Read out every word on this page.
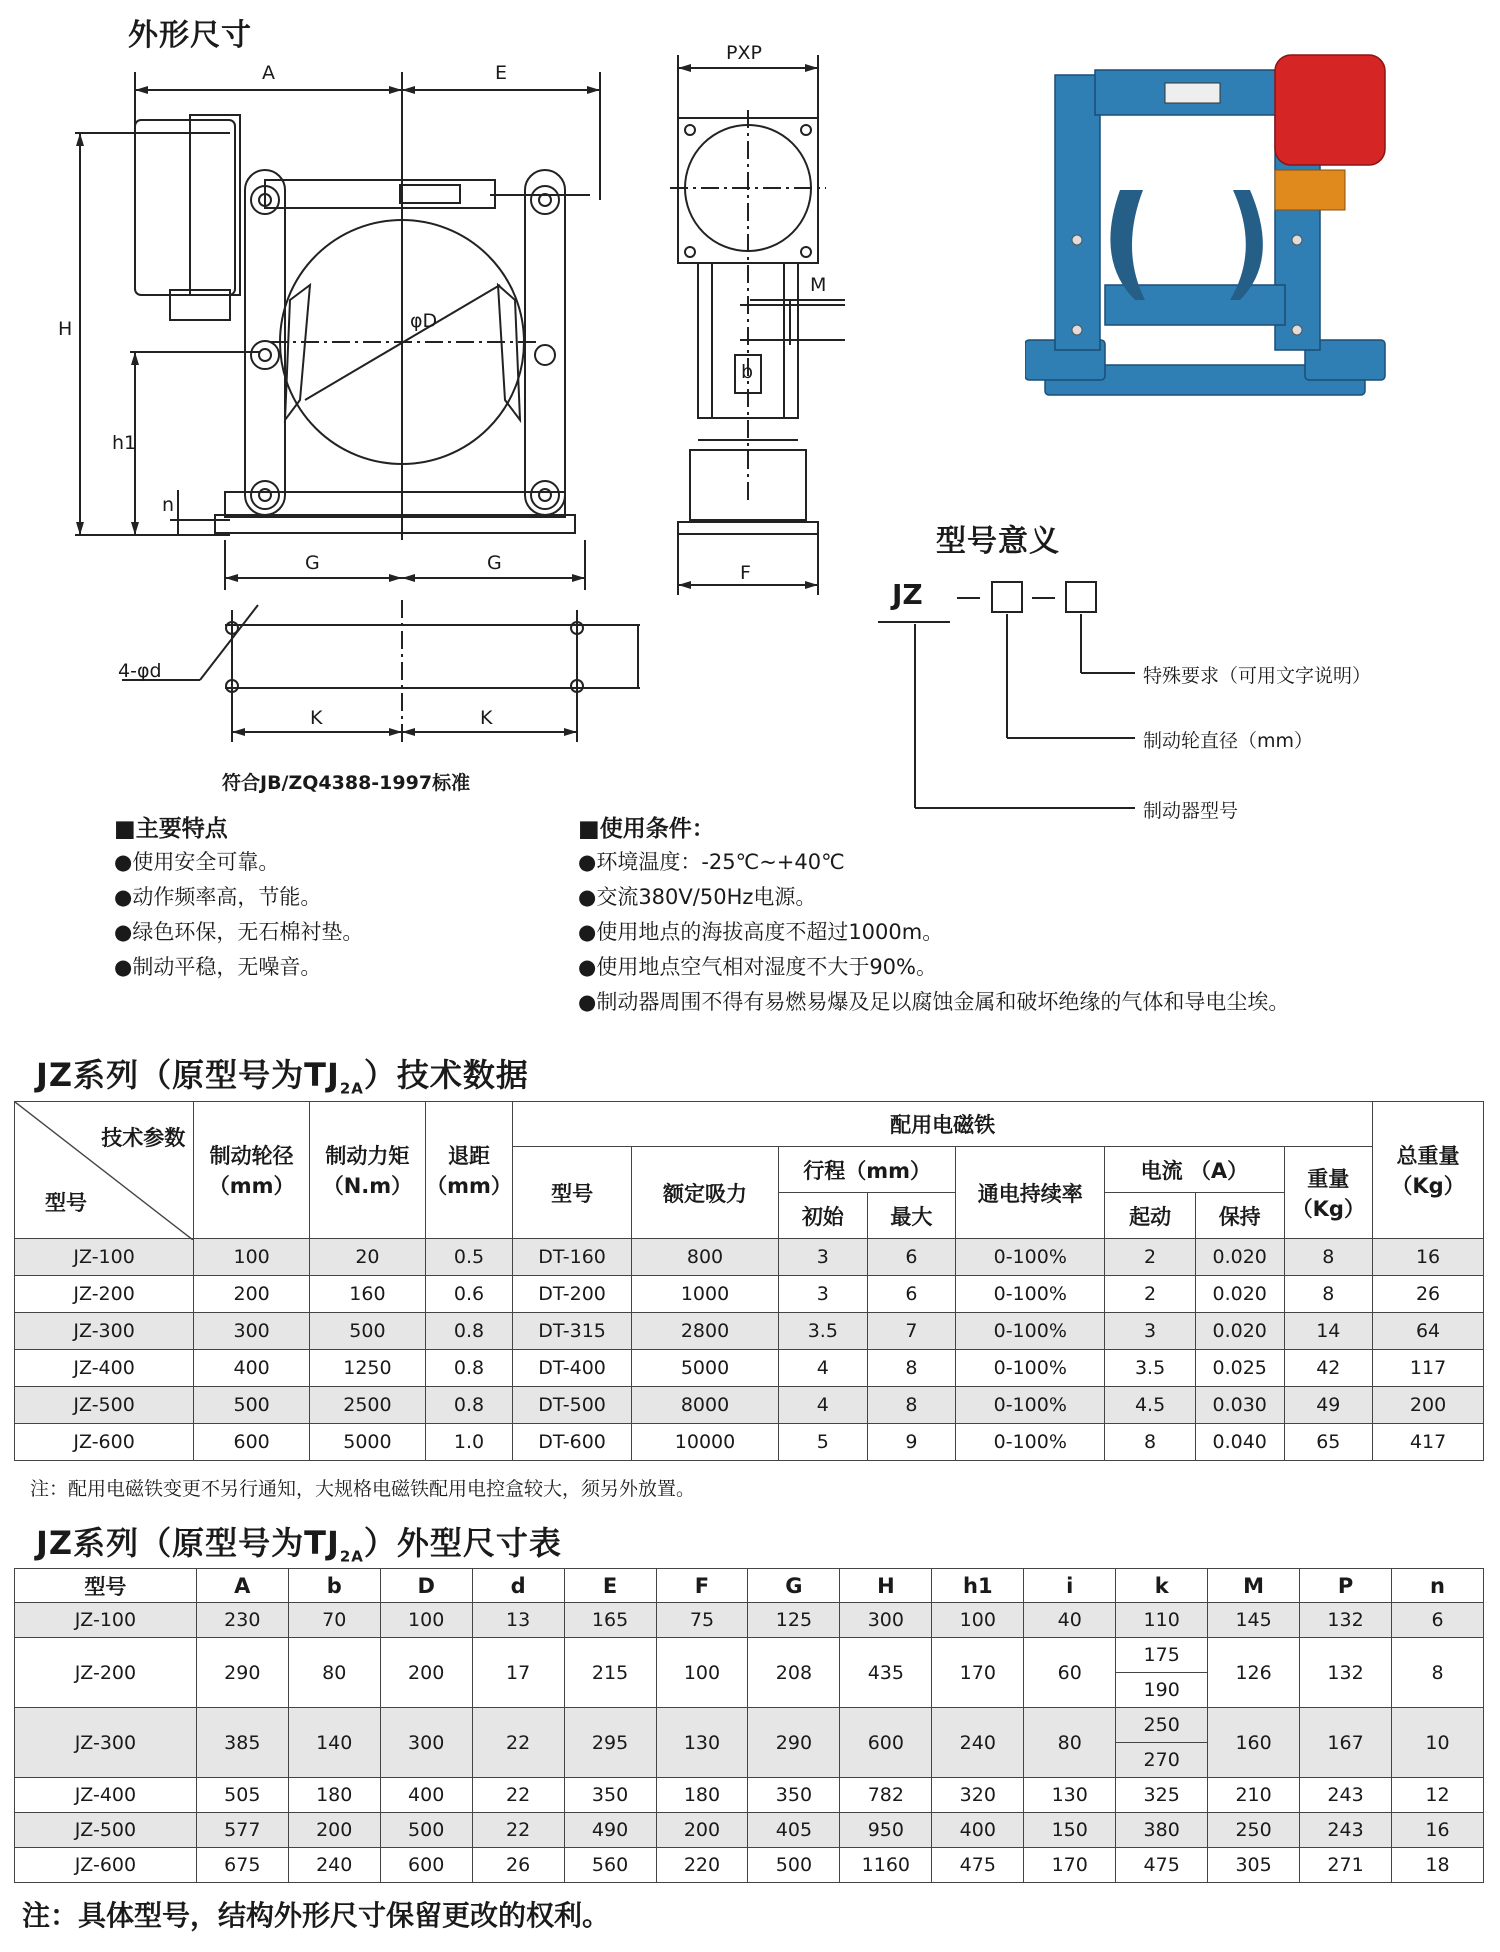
外形尺寸
A	E
H
h1
n
φD
G	G
4-φd
K	K
符合JB/ZQ4388-1997标准
PXP
M
b
F
型号意义
JZ
特殊要求（可用文字说明）
制动轮直径（mm）
制动器型号
■主要特点
●使用安全可靠。
●动作频率高，节能。
●绿色环保，无石棉衬垫。
●制动平稳，无噪音。
■使用条件：
●环境温度：-25℃~+40℃
●交流380V/50Hz电源。
●使用地点的海拔高度不超过1000m。
●使用地点空气相对湿度不大于90%。
●制动器周围不得有易燃易爆及足以腐蚀金属和破坏绝缘的气体和导电尘埃。
JZ系列（原型号为$TJ_{2A}$）技术数据
技术参数
型号	制动轮径（mm）	制动力矩（N.m）	退距（mm）	配用电磁铁								总重量（Kg）
				型号	额定吸力	行程（mm）		通电持续率	电流 （A）		重量（Kg）	
						初始	最大		起动	保持		
JZ-100	100	20	0.5	DT-160	800	3	6	0-100%	2	0.020	8	16
JZ-200	200	160	0.6	DT-200	1000	3	6	0-100%	2	0.020	8	26
JZ-300	300	500	0.8	DT-315	2800	3.5	7	0-100%	3	0.020	14	64
JZ-400	400	1250	0.8	DT-400	5000	4	8	0-100%	3.5	0.025	42	117
JZ-500	500	2500	0.8	DT-500	8000	4	8	0-100%	4.5	0.030	49	200
JZ-600	600	5000	1.0	DT-600	10000	5	9	0-100%	8	0.040	65	417
注：配用电磁铁变更不另行通知，大规格电磁铁配用电控盒较大，须另外放置。
JZ系列（原型号为$TJ_{2A}$）外型尺寸表
型号	A	b	D	d	E	F	G	H	h1	i	k	M	P	n
JZ-100	230	70	100	13	165	75	125	300	100	40	110	145	132	6
JZ-200	290	80	200	17	215	100	208	435	170	60	175	126	132	8
											190			
JZ-300	385	140	300	22	295	130	290	600	240	80	250	160	167	10
											270			
JZ-400	505	180	400	22	350	180	350	782	320	130	325	210	243	12
JZ-500	577	200	500	22	490	200	405	950	400	150	380	250	243	16
JZ-600	675	240	600	26	560	220	500	1160	475	170	475	305	271	18
注：具体型号，结构外形尺寸保留更改的权利。
